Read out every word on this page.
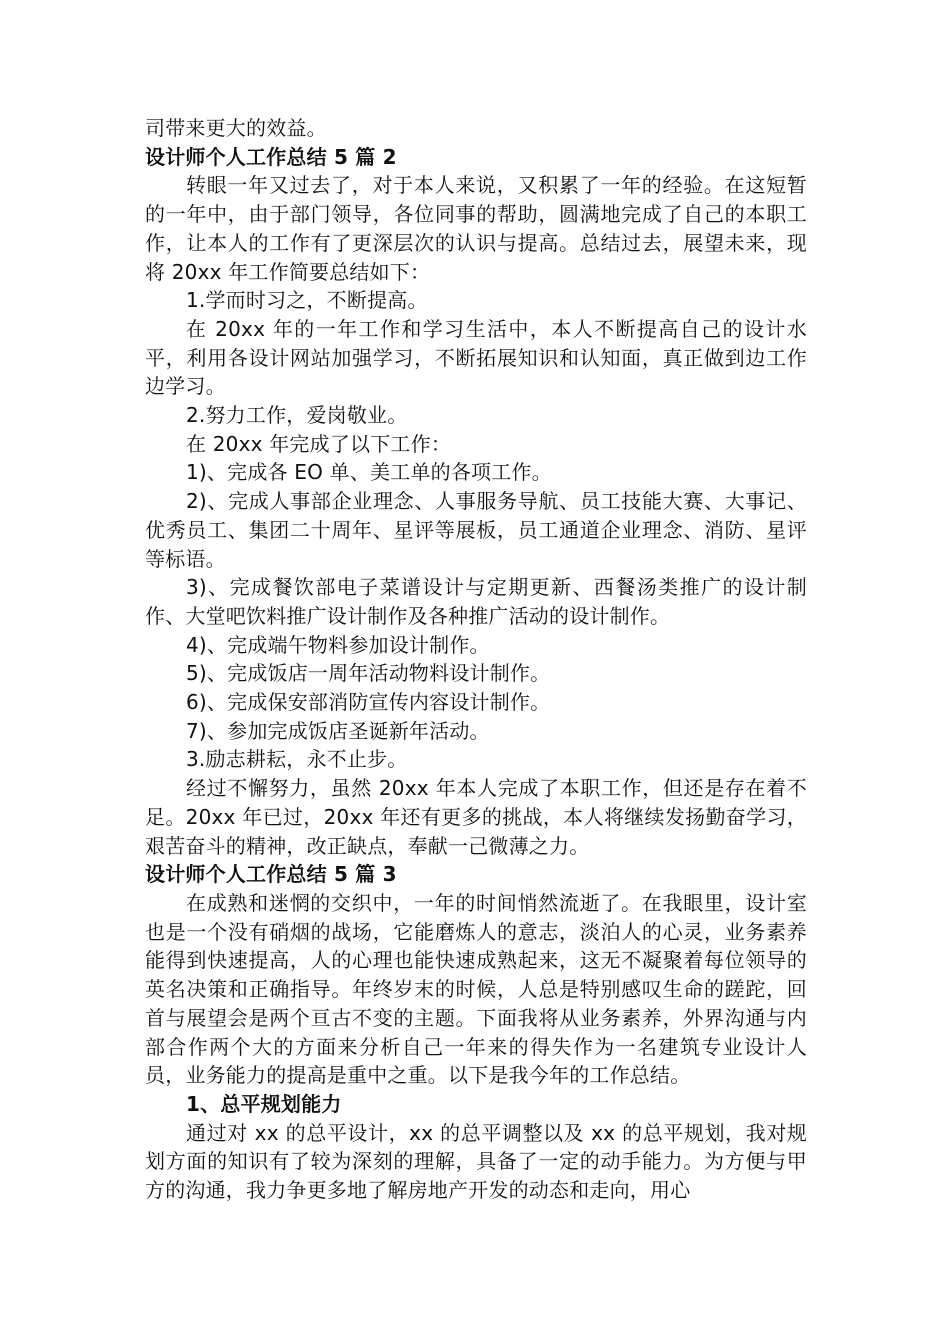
司带来更大的效益。

设计师个人工作总结 5 篇 2

转眼一年又过去了，对于本人来说，又积累了一年的经验。在这短暂的一年中，由于部门领导，各位同事的帮助，圆满地完成了自己的本职工作，让本人的工作有了更深层次的认识与提高。总结过去，展望未来，现将 20xx 年工作简要总结如下：

1.学而时习之，不断提高。

在 20xx 年的一年工作和学习生活中，本人不断提高自己的设计水平，利用各设计网站加强学习，不断拓展知识和认知面，真正做到边工作边学习。

2.努力工作，爱岗敬业。

在 20xx 年完成了以下工作：

1)、完成各 EO 单、美工单的各项工作。

2)、完成人事部企业理念、人事服务导航、员工技能大赛、大事记、优秀员工、集团二十周年、星评等展板，员工通道企业理念、消防、星评等标语。

3)、完成餐饮部电子菜谱设计与定期更新、西餐汤类推广的设计制作、大堂吧饮料推广设计制作及各种推广活动的设计制作。

4)、完成端午物料参加设计制作。

5)、完成饭店一周年活动物料设计制作。

6)、完成保安部消防宣传内容设计制作。

7)、参加完成饭店圣诞新年活动。

3.励志耕耘，永不止步。

经过不懈努力，虽然 20xx 年本人完成了本职工作，但还是存在着不足。20xx 年已过，20xx 年还有更多的挑战，本人将继续发扬勤奋学习，艰苦奋斗的精神，改正缺点，奉献一己微薄之力。

设计师个人工作总结 5 篇 3

在成熟和迷惘的交织中，一年的时间悄然流逝了。在我眼里，设计室也是一个没有硝烟的战场，它能磨炼人的意志，淡泊人的心灵，业务素养能得到快速提高，人的心理也能快速成熟起来，这无不凝聚着每位领导的英名决策和正确指导。年终岁末的时候，人总是特别感叹生命的蹉跎，回首与展望会是两个亘古不变的主题。下面我将从业务素养，外界沟通与内部合作两个大的方面来分析自己一年来的得失作为一名建筑专业设计人员，业务能力的提高是重中之重。以下是我今年的工作总结。

1、总平规划能力

通过对 xx 的总平设计，xx 的总平调整以及 xx 的总平规划，我对规划方面的知识有了较为深刻的理解，具备了一定的动手能力。为方便与甲方的沟通，我力争更多地了解房地产开发的动态和走向，用心
